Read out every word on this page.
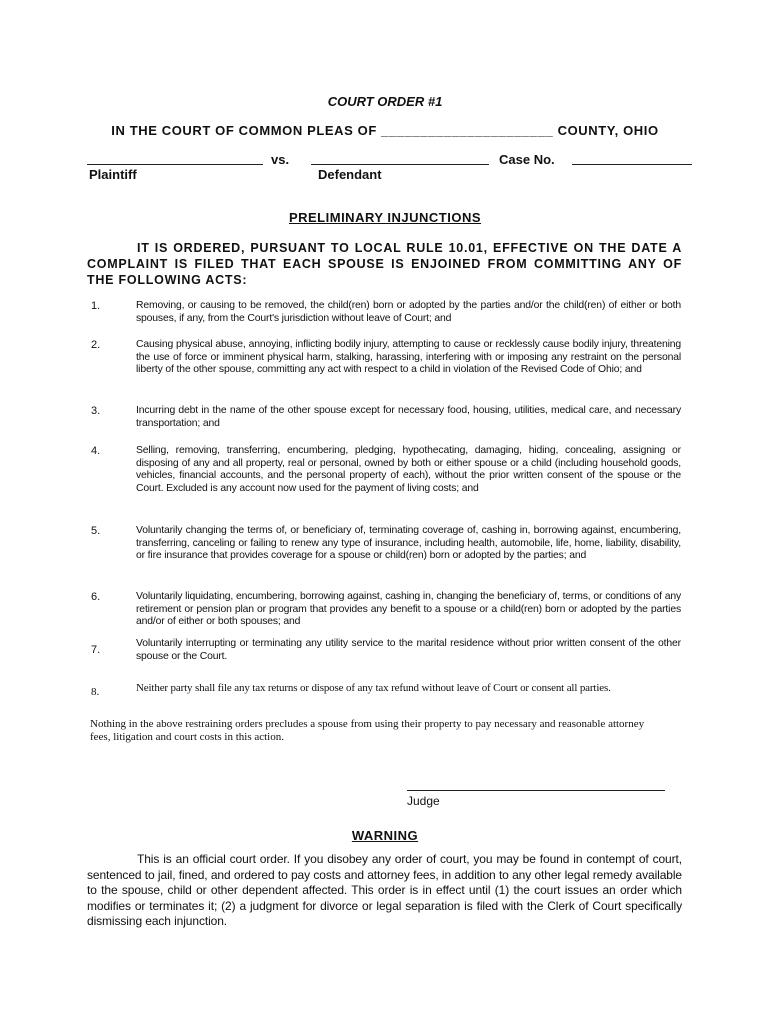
COURT ORDER #1
IN THE COURT OF COMMON PLEAS OF ______________________ COUNTY, OHIO
vs.	Case No.
Plaintiff	Defendant
PRELIMINARY INJUNCTIONS
IT IS ORDERED, PURSUANT TO LOCAL RULE 10.01, EFFECTIVE ON THE DATE A COMPLAINT IS FILED THAT EACH SPOUSE IS ENJOINED FROM COMMITTING ANY OF THE FOLLOWING ACTS:
1.	Removing, or causing to be removed, the child(ren) born or adopted by the parties and/or the child(ren) of either or both spouses, if any, from the Court's jurisdiction without leave of Court; and
2.	Causing physical abuse, annoying, inflicting bodily injury, attempting to cause or recklessly cause bodily injury, threatening the use of force or imminent physical harm, stalking, harassing, interfering with or imposing any restraint on the personal liberty of the other spouse, committing any act with respect to a child in violation of the Revised Code of Ohio; and
3.	Incurring debt in the name of the other spouse except for necessary food, housing, utilities, medical care, and necessary transportation; and
4.	Selling, removing, transferring, encumbering, pledging, hypothecating, damaging, hiding, concealing, assigning or disposing of any and all property, real or personal, owned by both or either spouse or a child (including household goods, vehicles, financial accounts, and the personal property of each), without the prior written consent of the spouse or the Court. Excluded is any account now used for the payment of living costs; and
5.	Voluntarily changing the terms of, or beneficiary of, terminating coverage of, cashing in, borrowing against, encumbering, transferring, canceling or failing to renew any type of insurance, including health, automobile, life, home, liability, disability, or fire insurance that provides coverage for a spouse or child(ren) born or adopted by the parties; and
6.	Voluntarily liquidating, encumbering, borrowing against, cashing in, changing the beneficiary of, terms, or conditions of any retirement or pension plan or program that provides any benefit to a spouse or a child(ren) born or adopted by the parties and/or of either or both spouses; and
7.
Voluntarily interrupting or terminating any utility service to the marital residence without prior written consent of the other spouse or the Court.
8.	Neither party shall file any tax returns or dispose of any tax refund without leave of Court or consent all parties.
Nothing in the above restraining orders precludes a spouse from using their property to pay necessary and reasonable attorney fees, litigation and court costs in this action.
Judge
WARNING
This is an official court order. If you disobey any order of court, you may be found in contempt of court, sentenced to jail, fined, and ordered to pay costs and attorney fees, in addition to any other legal remedy available to the spouse, child or other dependent affected. This order is in effect until (1) the court issues an order which modifies or terminates it; (2) a judgment for divorce or legal separation is filed with the Clerk of Court specifically dismissing each injunction.
